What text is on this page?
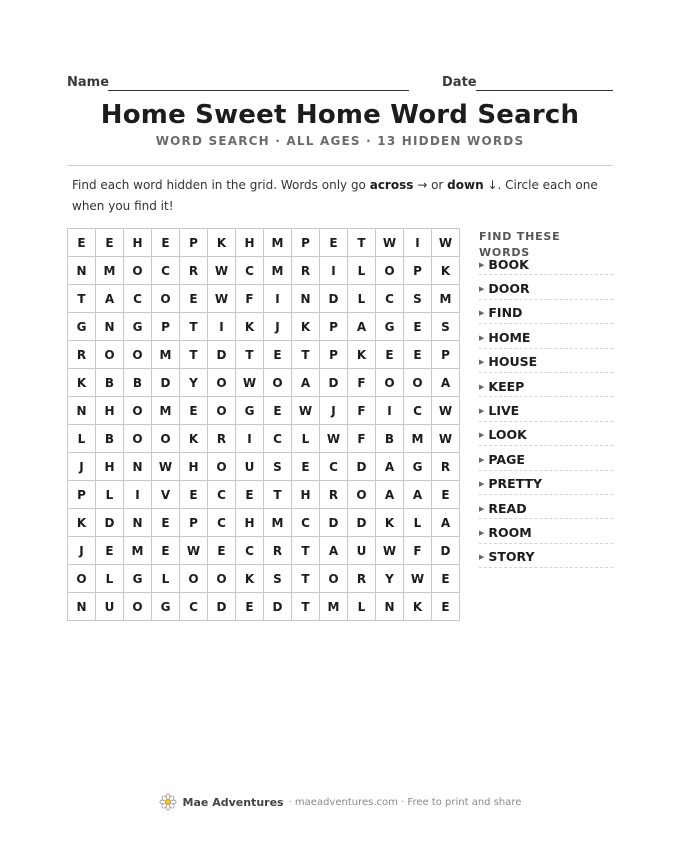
Name	Date
Home Sweet Home Word Search
WORD SEARCH · ALL AGES · 13 HIDDEN WORDS
Find each word hidden in the grid. Words only go across → or down ↓. Circle each one when you find it!
E	E	H	E	P	K	H	M	P	E	T	W	I	W
N	M	O	C	R	W	C	M	R	I	L	O	P	K
T	A	C	O	E	W	F	I	N	D	L	C	S	M
G	N	G	P	T	I	K	J	K	P	A	G	E	S
R	O	O	M	T	D	T	E	T	P	K	E	E	P
K	B	B	D	Y	O	W	O	A	D	F	O	O	A
N	H	O	M	E	O	G	E	W	J	F	I	C	W
L	B	O	O	K	R	I	C	L	W	F	B	M	W
J	H	N	W	H	O	U	S	E	C	D	A	G	R
P	L	I	V	E	C	E	T	H	R	O	A	A	E
K	D	N	E	P	C	H	M	C	D	D	K	L	A
J	E	M	E	W	E	C	R	T	A	U	W	F	D
O	L	G	L	O	O	K	S	T	O	R	Y	W	E
N	U	O	G	C	D	E	D	T	M	L	N	K	E
FIND THESE WORDS
▶ BOOK
▶ DOOR
▶ FIND
▶ HOME
▶ HOUSE
▶ KEEP
▶ LIVE
▶ LOOK
▶ PAGE
▶ PRETTY
▶ READ
▶ ROOM
▶ STORY
Mae Adventures · maeadventures.com · Free to print and share
